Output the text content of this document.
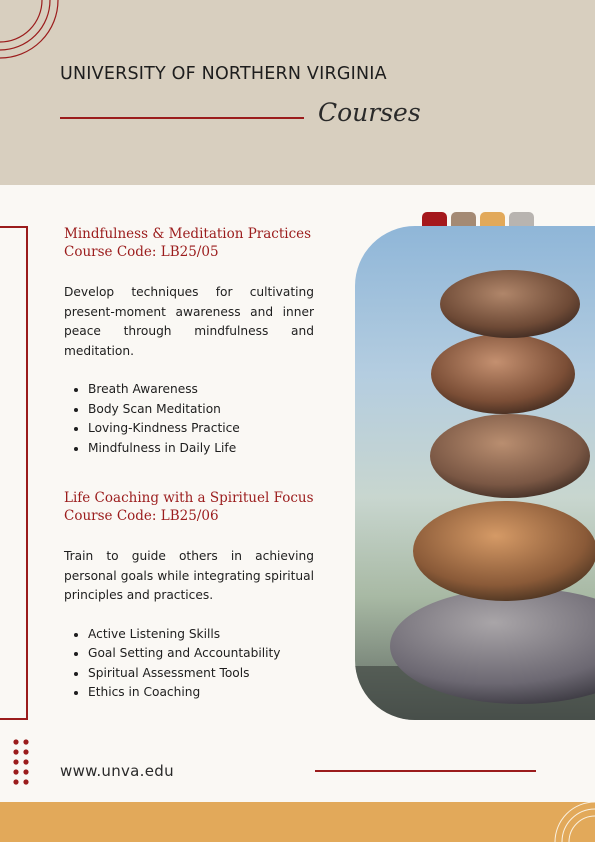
UNIVERSITY OF NORTHERN VIRGINIA
Courses
Mindfulness & Meditation Practices
Course Code: LB25/05

Develop techniques for cultivating present-moment awareness and inner peace through mindfulness and meditation.

Breath Awareness
Body Scan Meditation
Loving-Kindness Practice
Mindfulness in Daily Life
Life Coaching with a Spirituel Focus
Course Code: LB25/06

Train to guide others in achieving personal goals while integrating spiritual principles and practices.

Active Listening Skills
Goal Setting and Accountability
Spiritual Assessment Tools
Ethics in Coaching
www.unva.edu
